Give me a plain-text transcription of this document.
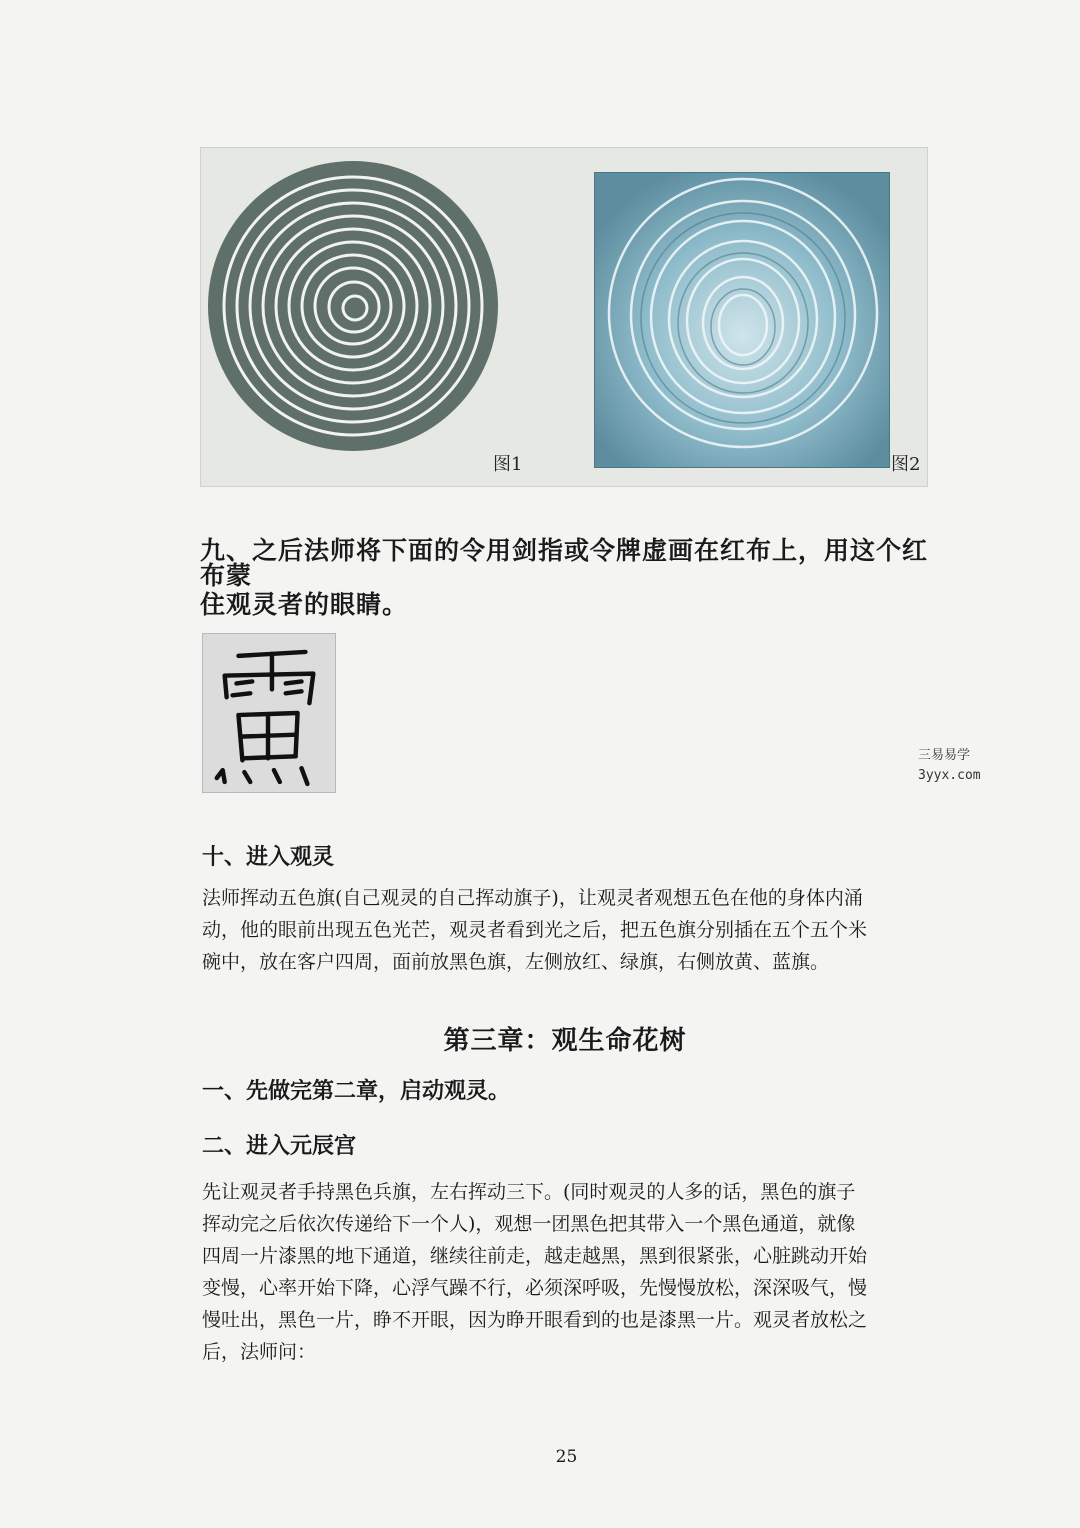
图1	图2
九、之后法师将下面的令用剑指或令牌虚画在红布上，用这个红布蒙
住观灵者的眼睛。
三易易学
3yyx.com
十、进入观灵

法师挥动五色旗(自己观灵的自己挥动旗子)，让观灵者观想五色在他的身体内涌
动，他的眼前出现五色光芒，观灵者看到光之后，把五色旗分别插在五个五个米
碗中，放在客户四周，面前放黑色旗，左侧放红、绿旗，右侧放黄、蓝旗。

第三章：观生命花树
一、先做完第二章，启动观灵。
二、进入元辰宫

先让观灵者手持黑色兵旗，左右挥动三下。(同时观灵的人多的话，黑色的旗子
挥动完之后依次传递给下一个人)，观想一团黑色把其带入一个黑色通道，就像
四周一片漆黑的地下通道，继续往前走，越走越黑，黑到很紧张，心脏跳动开始
变慢，心率开始下降，心浮气躁不行，必须深呼吸，先慢慢放松，深深吸气，慢
慢吐出，黑色一片，睁不开眼，因为睁开眼看到的也是漆黑一片。观灵者放松之
后，法师问：

25
